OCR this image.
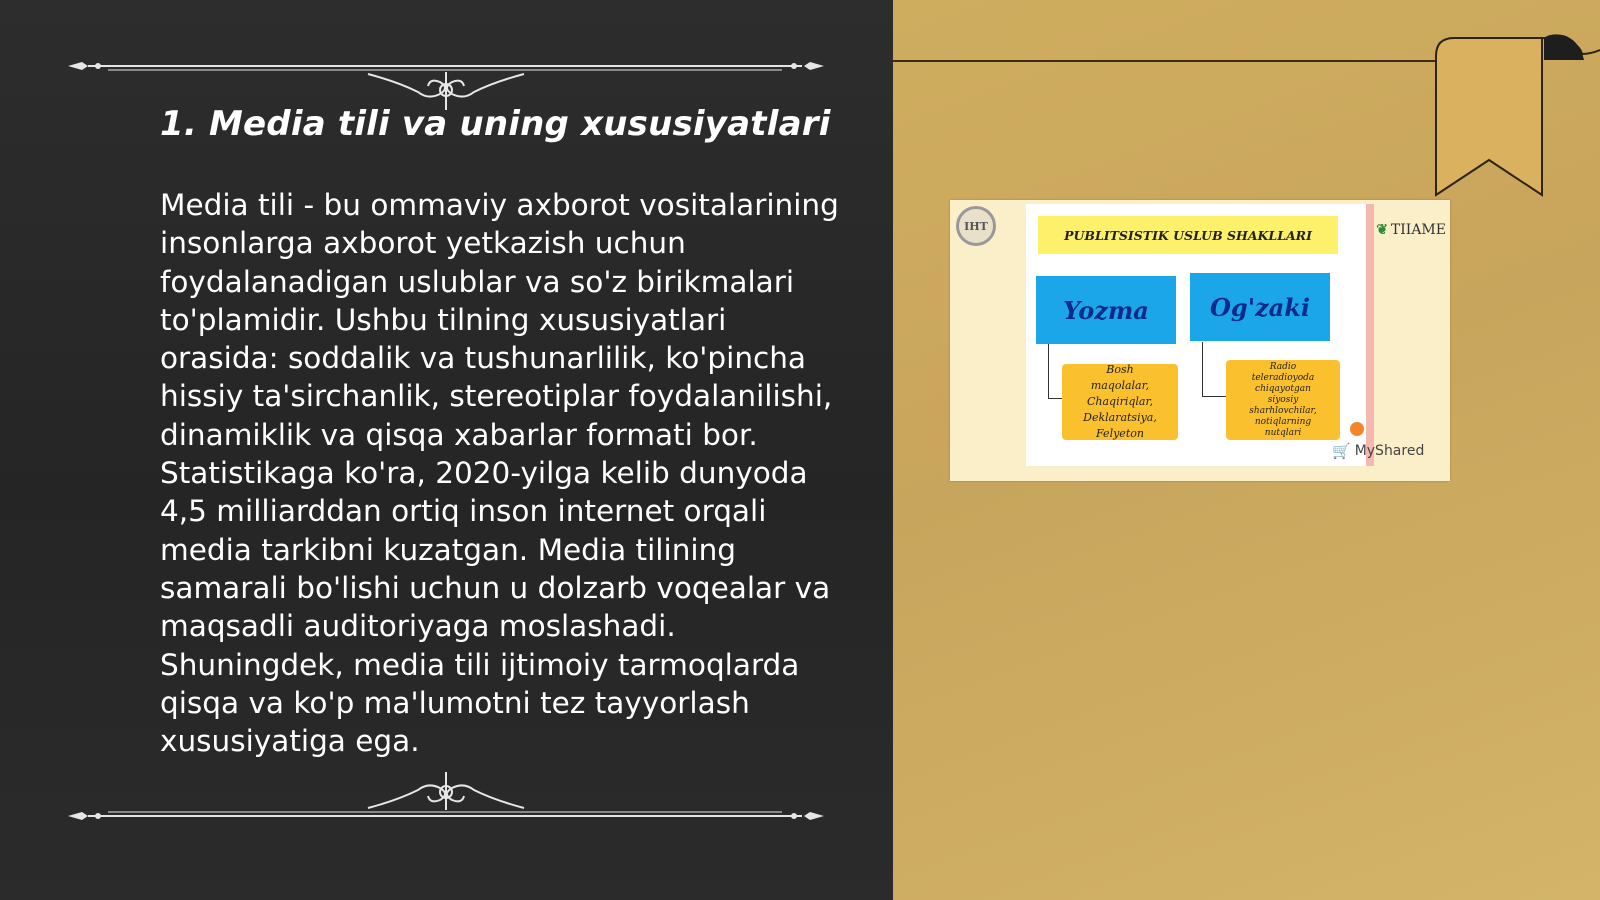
1. Media tili va uning xususiyatlari

Media tili - bu ommaviy axborot vositalarining insonlarga axborot yetkazish uchun foydalanadigan uslublar va so'z birikmalari to'plamidir. Ushbu tilning xususiyatlari orasida: soddalik va tushunarlilik, ko'pincha hissiy ta'sirchanlik, stereotiplar foydalanilishi, dinamiklik va qisqa xabarlar formati bor. Statistikaga ko'ra, 2020-yilga kelib dunyoda 4,5 milliarddan ortiq inson internet orqali media tarkibni kuzatgan. Media tilining samarali bo'lishi uchun u dolzarb voqealar va maqsadli auditoriyaga moslashadi. Shuningdek, media tili ijtimoiy tarmoqlarda qisqa va ko'p ma'lumotni tez tayyorlash xususiyatiga ega.

IHT	❦ TIIAME
PUBLITSISTIK USLUB SHAKLLARI
Yozma	Og'zaki
Bosh
maqolalar,
Chaqiriqlar,
Deklaratsiya,
Felyeton
Radio
teleradioyoda
chiqayotgan
siyosiy
sharhlovchilar,
notiqlarning
nutqlari
🛒 MyShared
